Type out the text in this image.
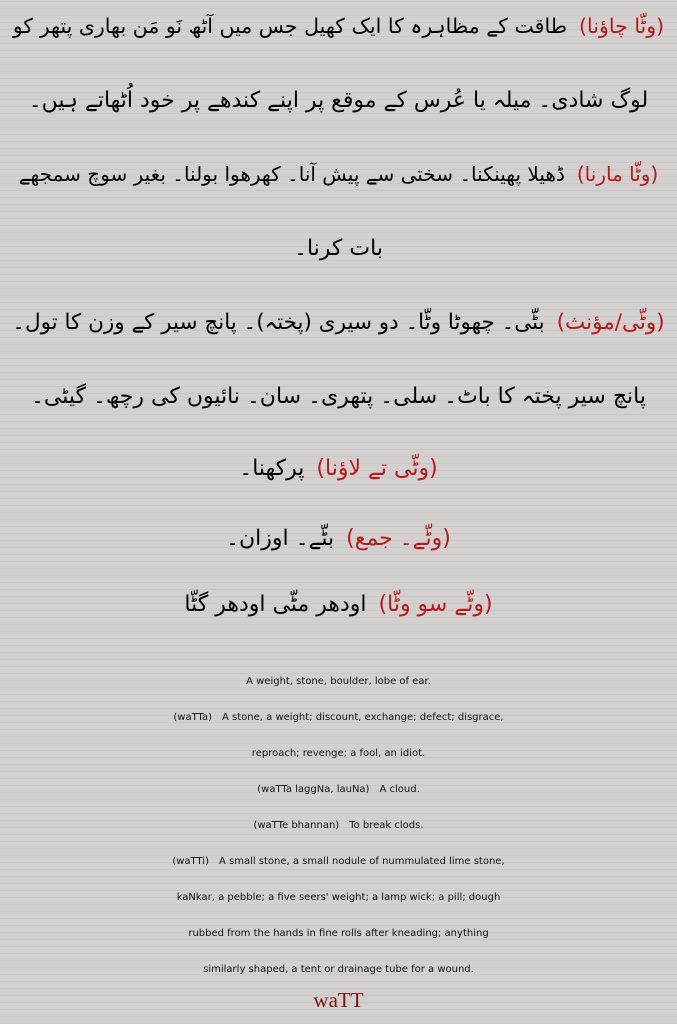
(وٹّا چاؤنا)طاقت کے مظاہرہ کا ایک کھیل جس میں آٹھ نَو مَن بھاری پتھر کو
لوگ شادی۔ میلہ یا عُرس کے موقع پر اپنے کندھے پر خود اُٹھاتے ہیں۔
(وٹّا مارنا)ڈھیلا پھینکنا۔ سختی سے پیش آنا۔ کھرھوا بولنا۔ بغیر سوچ سمجھے
بات کرنا۔
(وٹّی/مؤنث)بٹّی۔ چھوٹا وٹّا۔ دو سیری (پختہ)۔ پانچ سیر کے وزن کا تول۔
پانچ سیر پختہ کا باٹ۔ سلی۔ پتھری۔ سان۔ نائیوں کی رچھ۔ گیٹی۔
(وٹّی تے لاؤنا)پرکھنا۔
(وٹّے۔ جمع)بٹّے۔ اوزان۔
(وٹّے سو وٹّا)اودھر مٹّی اودھر گٹّا
A weight, stone, boulder, lobe of ear.
(waTTa) A stone, a weight; discount, exchange; defect; disgrace,
reproach; revenge; a fool, an idiot.
(waTTa laggNa, lauNa) A cloud.
(waTTe bhannan) To break clods.
(waTTi) A small stone, a small nodule of nummulated lime stone,
kaNkar, a pebble; a five seers' weight; a lamp wick; a pill; dough
rubbed from the hands in fine rolls after kneading; anything
similarly shaped, a tent or drainage tube for a wound.
waTT
